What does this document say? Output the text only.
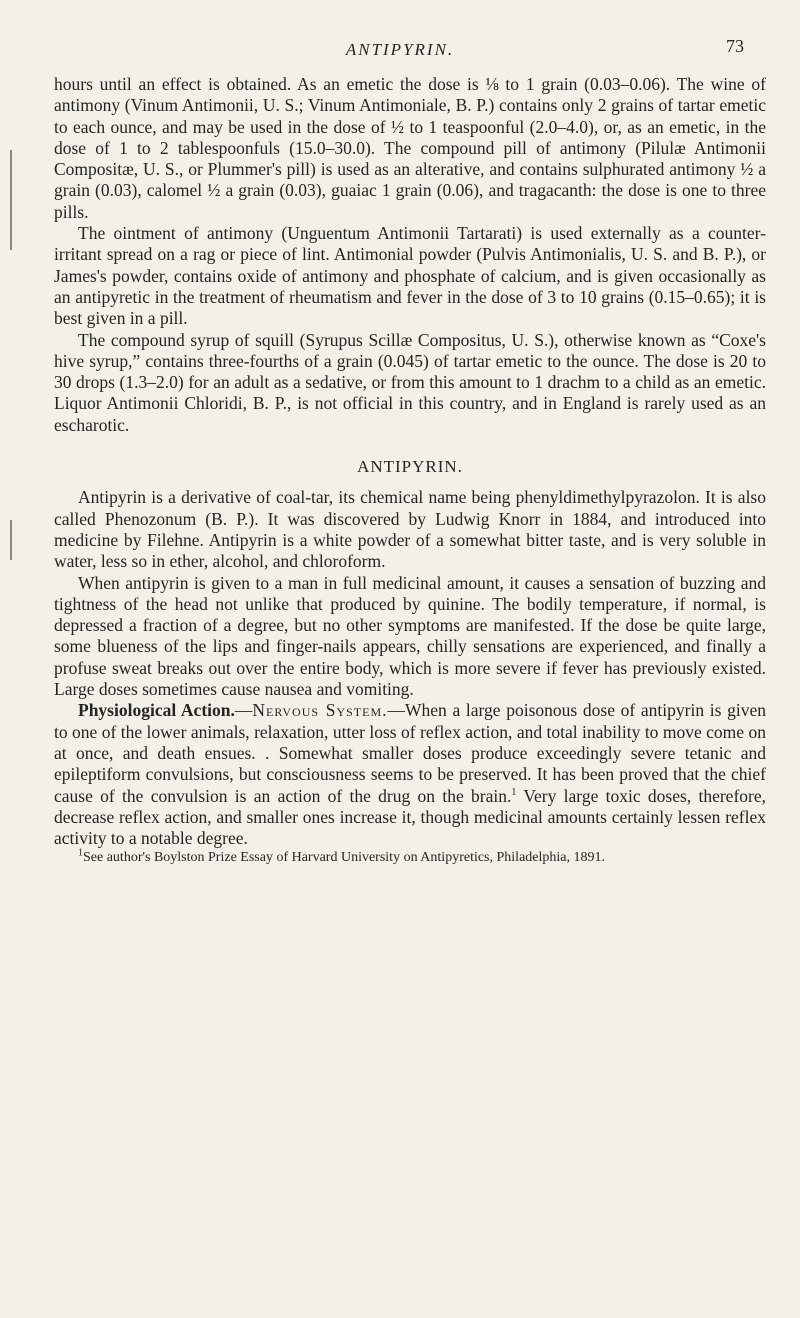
ANTIPYRIN.	73

hours until an effect is obtained. As an emetic the dose is ⅛ to 1 grain (0.03–0.06). The wine of antimony (Vinum Antimonii, U. S.; Vinum Antimoniale, B. P.) contains only 2 grains of tartar emetic to each ounce, and may be used in the dose of ½ to 1 teaspoonful (2.0–4.0), or, as an emetic, in the dose of 1 to 2 tablespoonfuls (15.0–30.0). The compound pill of antimony (Pilulæ Antimonii Compositæ, U. S., or Plummer's pill) is used as an alterative, and contains sulphurated antimony ½ a grain (0.03), calomel ½ a grain (0.03), guaiac 1 grain (0.06), and tragacanth: the dose is one to three pills.

The ointment of antimony (Unguentum Antimonii Tartarati) is used externally as a counter-irritant spread on a rag or piece of lint. Antimonial powder (Pulvis Antimonialis, U. S. and B. P.), or James's powder, contains oxide of antimony and phosphate of calcium, and is given occasionally as an antipyretic in the treatment of rheumatism and fever in the dose of 3 to 10 grains (0.15–0.65); it is best given in a pill.

The compound syrup of squill (Syrupus Scillæ Compositus, U. S.), otherwise known as “Coxe's hive syrup,” contains three-fourths of a grain (0.045) of tartar emetic to the ounce. The dose is 20 to 30 drops (1.3–2.0) for an adult as a sedative, or from this amount to 1 drachm to a child as an emetic. Liquor Antimonii Chloridi, B. P., is not official in this country, and in England is rarely used as an escharotic.

ANTIPYRIN.

Antipyrin is a derivative of coal-tar, its chemical name being phenyldimethylpyrazolon. It is also called Phenozonum (B. P.). It was discovered by Ludwig Knorr in 1884, and introduced into medicine by Filehne. Antipyrin is a white powder of a somewhat bitter taste, and is very soluble in water, less so in ether, alcohol, and chloroform.

When antipyrin is given to a man in full medicinal amount, it causes a sensation of buzzing and tightness of the head not unlike that produced by quinine. The bodily temperature, if normal, is depressed a fraction of a degree, but no other symptoms are manifested. If the dose be quite large, some blueness of the lips and finger-nails appears, chilly sensations are experienced, and finally a profuse sweat breaks out over the entire body, which is more severe if fever has previously existed. Large doses sometimes cause nausea and vomiting.

Physiological Action.—Nervous System.—When a large poisonous dose of antipyrin is given to one of the lower animals, relaxation, utter loss of reflex action, and total inability to move come on at once, and death ensues. . Somewhat smaller doses produce exceedingly severe tetanic and epileptiform convulsions, but consciousness seems to be preserved. It has been proved that the chief cause of the convulsion is an action of the drug on the brain.$^1$ Very large toxic doses, therefore, decrease reflex action, and smaller ones increase it, though medicinal amounts certainly lessen reflex activity to a notable degree.

$^1$See author's Boylston Prize Essay of Harvard University on Antipyretics, Philadelphia, 1891.
